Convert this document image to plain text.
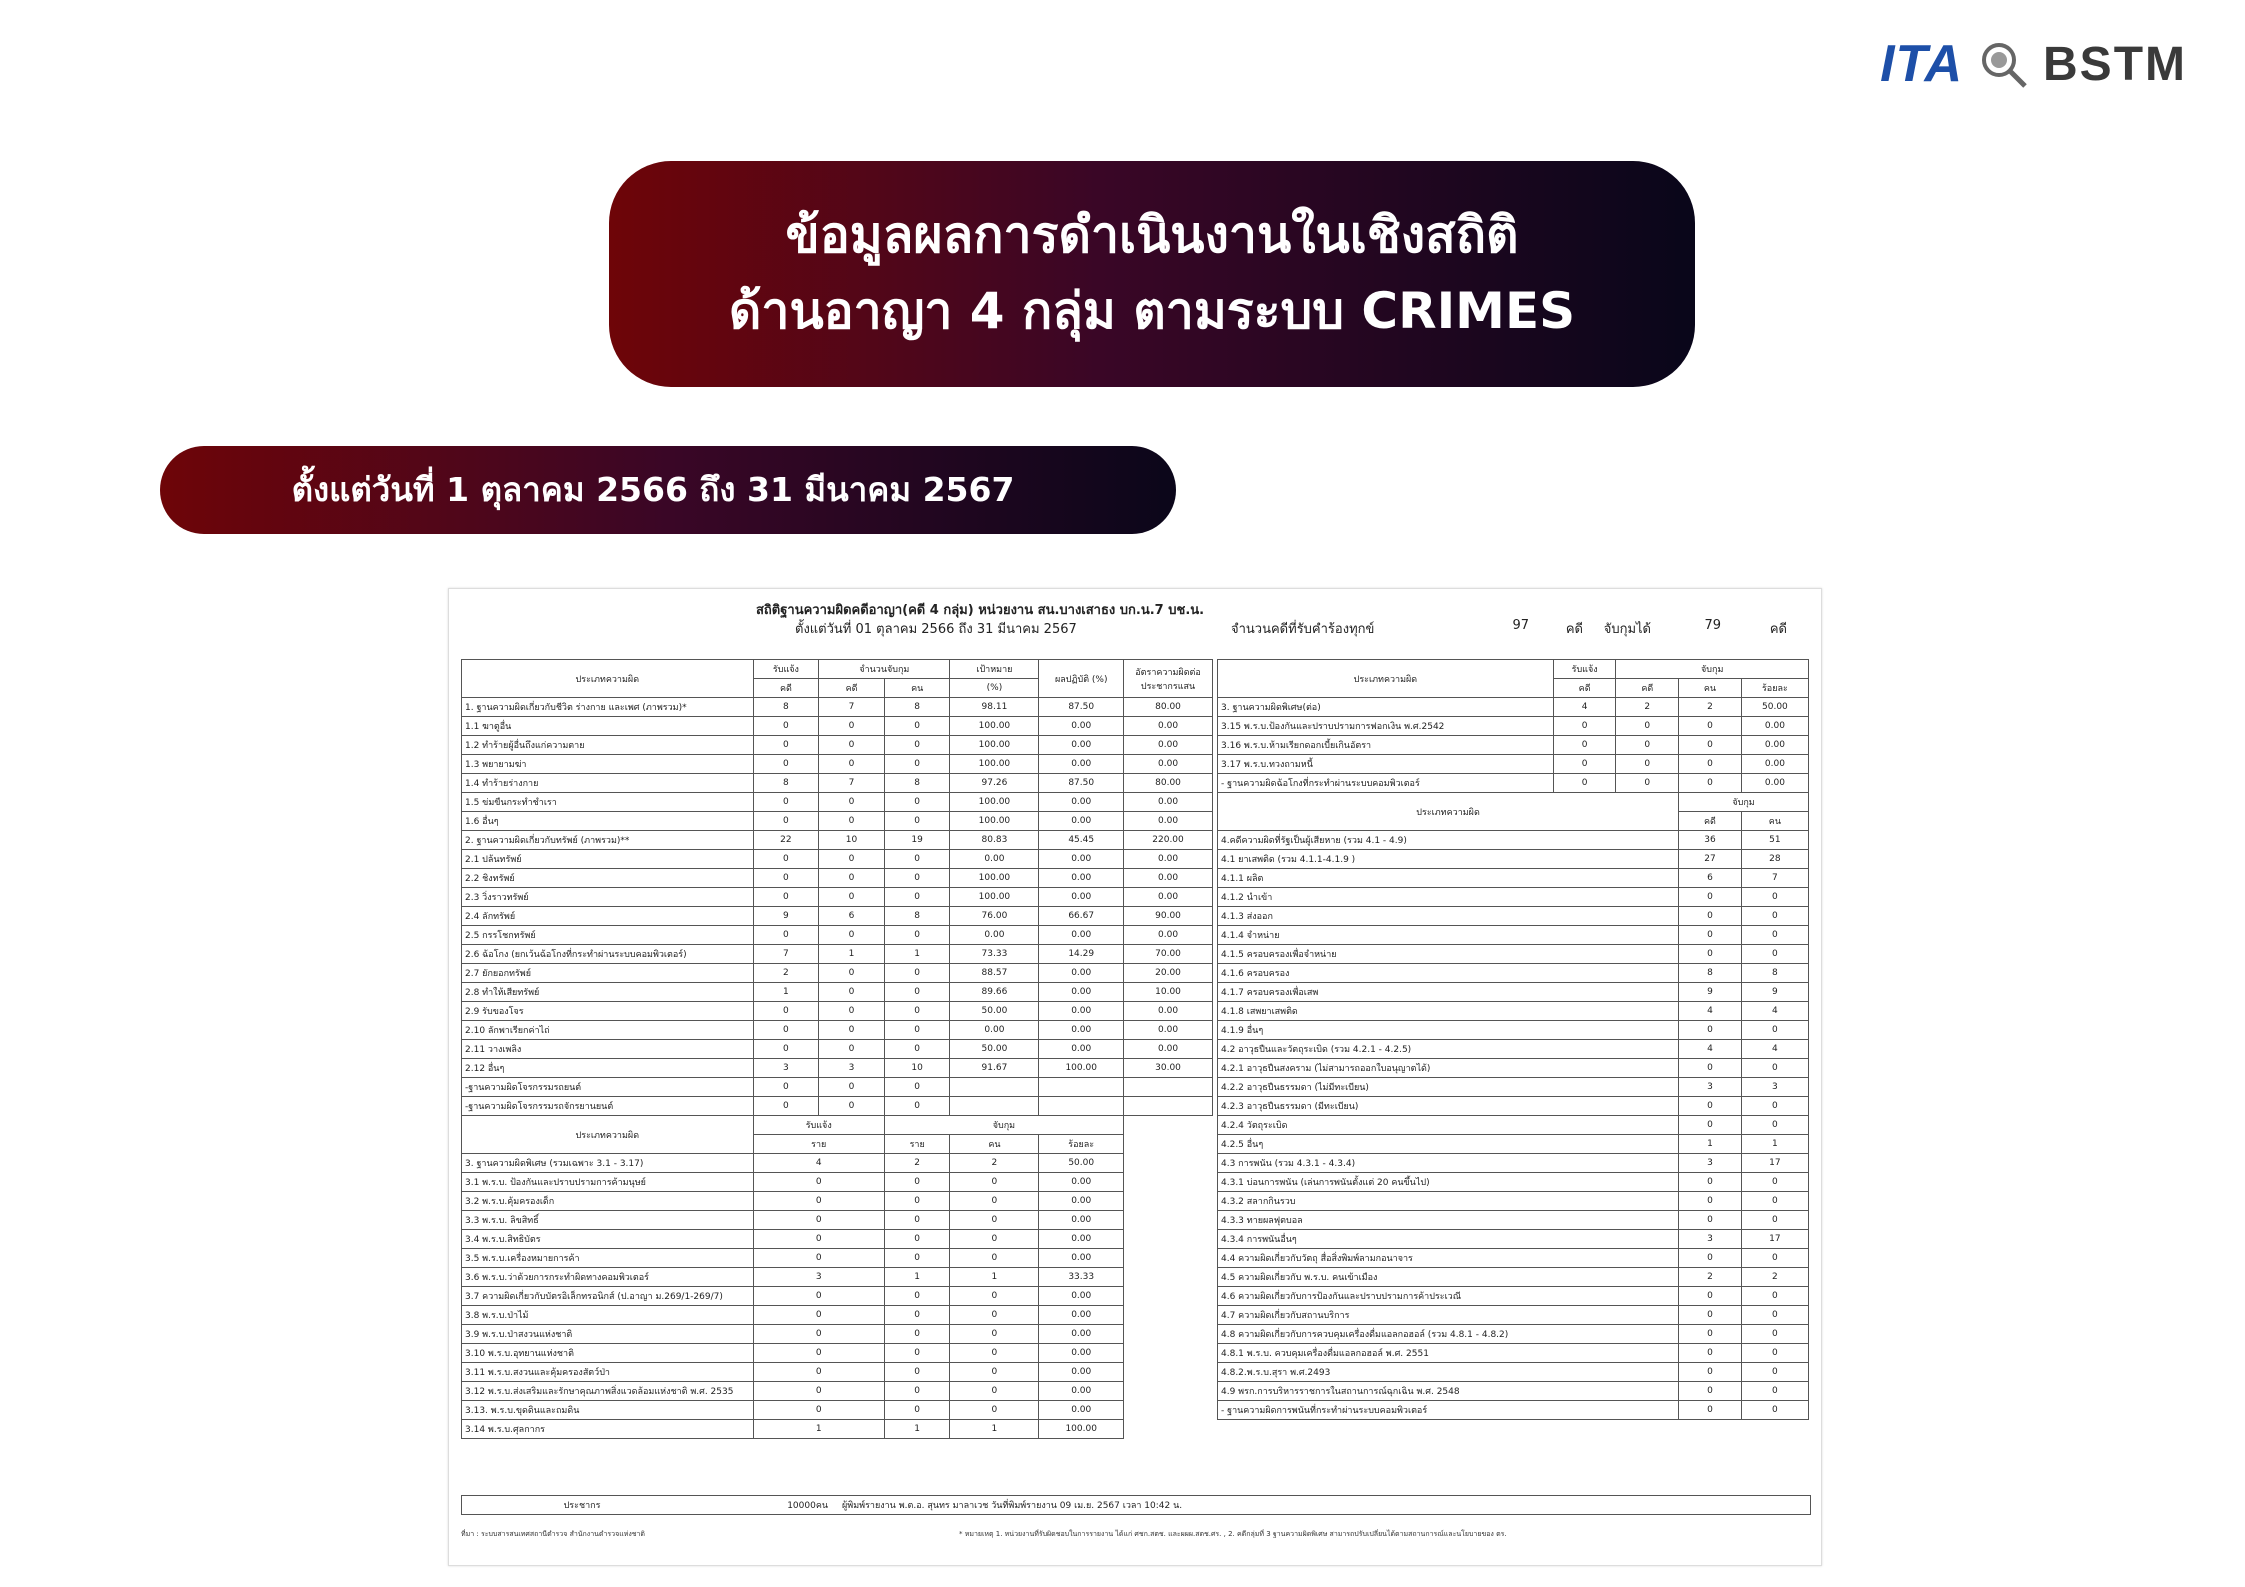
ITA BSTM
ข้อมูลผลการดำเนินงานในเชิงสถิติ
ด้านอาญา 4 กลุ่ม ตามระบบ CRIMES
ตั้งแต่วันที่ 1 ตุลาคม 2566 ถึง 31 มีนาคม 2567
สถิติฐานความผิดคดีอาญา(คดี 4 กลุ่ม) หน่วยงาน สน.บางเสาธง บก.น.7 บช.น.
ตั้งแต่วันที่ 01 ตุลาคม 2566 ถึง 31 มีนาคม 2567	จำนวนคดีที่รับคำร้องทุกข์	97	คดี	จับกุมได้	79	คดี
ประเภทความผิด	รับแจ้ง	จำนวนจับกุม		เป้าหมาย	ผลปฏิบัติ (%)	อัตราความผิดต่อประชากรแสน
	คดี	คดี	คน	(%)		
1. ฐานความผิดเกี่ยวกับชีวิต ร่างกาย และเพศ (ภาพรวม)*	8	7	8	98.11	87.50	80.00
1.1 ฆาตูอื่น	0	0	0	100.00	0.00	0.00
1.2 ทำร้ายผู้อื่นถึงแก่ความตาย	0	0	0	100.00	0.00	0.00
1.3 พยายามฆ่า	0	0	0	100.00	0.00	0.00
1.4 ทำร้ายร่างกาย	8	7	8	97.26	87.50	80.00
1.5 ข่มขืนกระทำชำเรา	0	0	0	100.00	0.00	0.00
1.6 อื่นๆ	0	0	0	100.00	0.00	0.00
2. ฐานความผิดเกี่ยวกับทรัพย์ (ภาพรวม)**	22	10	19	80.83	45.45	220.00
2.1 ปล้นทรัพย์	0	0	0	0.00	0.00	0.00
2.2 ชิงทรัพย์	0	0	0	100.00	0.00	0.00
2.3 วิ่งราวทรัพย์	0	0	0	100.00	0.00	0.00
2.4 ลักทรัพย์	9	6	8	76.00	66.67	90.00
2.5 กรรโชกทรัพย์	0	0	0	0.00	0.00	0.00
2.6 ฉ้อโกง (ยกเว้นฉ้อโกงที่กระทำผ่านระบบคอมพิวเตอร์)	7	1	1	73.33	14.29	70.00
2.7 ยักยอกทรัพย์	2	0	0	88.57	0.00	20.00
2.8 ทำให้เสียทรัพย์	1	0	0	89.66	0.00	10.00
2.9 รับของโจร	0	0	0	50.00	0.00	0.00
2.10 ลักพาเรียกค่าไถ่	0	0	0	0.00	0.00	0.00
2.11 วางเพลิง	0	0	0	50.00	0.00	0.00
2.12 อื่นๆ	3	3	10	91.67	100.00	30.00
-ฐานความผิดโจรกรรมรถยนต์	0	0	0			
-ฐานความผิดโจรกรรมรถจักรยานยนต์	0	0	0			
ประเภทความผิด	รับแจ้ง		จับกุม			
	ราย		ราย	คน	ร้อยละ	
3. ฐานความผิดพิเศษ (รวมเฉพาะ 3.1 - 3.17)	4		2	2	50.00	
3.1 พ.ร.บ. ป้องกันและปราบปรามการค้ามนุษย์	0		0	0	0.00	
3.2 พ.ร.บ.คุ้มครองเด็ก	0		0	0	0.00	
3.3 พ.ร.บ. ลิขสิทธิ์	0		0	0	0.00	
3.4 พ.ร.บ.สิทธิบัตร	0		0	0	0.00	
3.5 พ.ร.บ.เครื่องหมายการค้า	0		0	0	0.00	
3.6 พ.ร.บ.ว่าด้วยการกระทำผิดทางคอมพิวเตอร์	3		1	1	33.33	
3.7 ความผิดเกี่ยวกับบัตรอิเล็กทรอนิกส์ (ป.อาญา ม.269/1-269/7)	0		0	0	0.00	
3.8 พ.ร.บ.ป่าไม้	0		0	0	0.00	
3.9 พ.ร.บ.ป่าสงวนแห่งชาติ	0		0	0	0.00	
3.10 พ.ร.บ.อุทยานแห่งชาติ	0		0	0	0.00	
3.11 พ.ร.บ.สงวนและคุ้มครองสัตว์ป่า	0		0	0	0.00	
3.12 พ.ร.บ.ส่งเสริมและรักษาคุณภาพสิ่งแวดล้อมแห่งชาติ พ.ศ. 2535	0		0	0	0.00	
3.13. พ.ร.บ.ขุดดินและถมดิน	0		0	0	0.00	
3.14 พ.ร.บ.ศุลกากร	1		1	1	100.00	
ประเภทความผิด	รับแจ้ง	จับกุม		
	คดี	คดี	คน	ร้อยละ
3. ฐานความผิดพิเศษ(ต่อ)	4	2	2	50.00
3.15 พ.ร.บ.ป้องกันและปราบปรามการฟอกเงิน พ.ศ.2542	0	0	0	0.00
3.16 พ.ร.บ.ห้ามเรียกดอกเบี้ยเกินอัตรา	0	0	0	0.00
3.17 พ.ร.บ.ทวงถามหนี้	0	0	0	0.00
- ฐานความผิดฉ้อโกงที่กระทำผ่านระบบคอมพิวเตอร์	0	0	0	0.00
ประเภทความผิด			จับกุม	
			คดี	คน
4.คดีความผิดที่รัฐเป็นผู้เสียหาย (รวม 4.1 - 4.9)			36	51
4.1 ยาเสพติด (รวม 4.1.1-4.1.9 )			27	28
4.1.1 ผลิต			6	7
4.1.2 นำเข้า			0	0
4.1.3 ส่งออก			0	0
4.1.4 จำหน่าย			0	0
4.1.5 ครอบครองเพื่อจำหน่าย			0	0
4.1.6 ครอบครอง			8	8
4.1.7 ครอบครองเพื่อเสพ			9	9
4.1.8 เสพยาเสพติด			4	4
4.1.9 อื่นๆ			0	0
4.2 อาวุธปืนและวัตถุระเบิด (รวม 4.2.1 - 4.2.5)			4	4
4.2.1 อาวุธปืนสงคราม (ไม่สามารถออกใบอนุญาตได้)			0	0
4.2.2 อาวุธปืนธรรมดา (ไม่มีทะเบียน)			3	3
4.2.3 อาวุธปืนธรรมดา (มีทะเบียน)			0	0
4.2.4 วัตถุระเบิด			0	0
4.2.5 อื่นๆ			1	1
4.3 การพนัน (รวม 4.3.1 - 4.3.4)			3	17
4.3.1 บ่อนการพนัน (เล่นการพนันตั้งแต่ 20 คนขึ้นไป)			0	0
4.3.2 สลากกินรวบ			0	0
4.3.3 ทายผลฟุตบอล			0	0
4.3.4 การพนันอื่นๆ			3	17
4.4 ความผิดเกี่ยวกับวัตถุ สื่อสิ่งพิมพ์ลามกอนาจาร			0	0
4.5 ความผิดเกี่ยวกับ พ.ร.บ. คนเข้าเมือง			2	2
4.6 ความผิดเกี่ยวกับการป้องกันและปราบปรามการค้าประเวณี			0	0
4.7 ความผิดเกี่ยวกับสถานบริการ			0	0
4.8 ความผิดเกี่ยวกับการควบคุมเครื่องดื่มแอลกอฮอล์ (รวม 4.8.1 - 4.8.2)			0	0
4.8.1 พ.ร.บ. ควบคุมเครื่องดื่มแอลกอฮอล์ พ.ศ. 2551			0	0
4.8.2.พ.ร.บ.สุรา พ.ศ.2493			0	0
4.9 พรก.การบริหารราชการในสถานการณ์ฉุกเฉิน พ.ศ. 2548			0	0
- ฐานความผิดการพนันที่กระทำผ่านระบบคอมพิวเตอร์			0	0
ประชากร	10000คน	ผู้พิมพ์รายงาน พ.ต.อ. สุนทร มาลาเวช วันที่พิมพ์รายงาน 09 เม.ย. 2567 เวลา 10:42 น.
ที่มา : ระบบสารสนเทศสถานีตำรวจ สำนักงานตำรวจแห่งชาติ	* หมายเหตุ 1. หน่วยงานที่รับผิดชอบในการรายงาน ได้แก่ ศชก.สตช. และผผผ.สตช.ศร. , 2. คดีกลุ่มที่ 3 ฐานความผิดพิเศษ สามารถปรับเปลี่ยนได้ตามสถานการณ์และนโยบายของ ตร.
